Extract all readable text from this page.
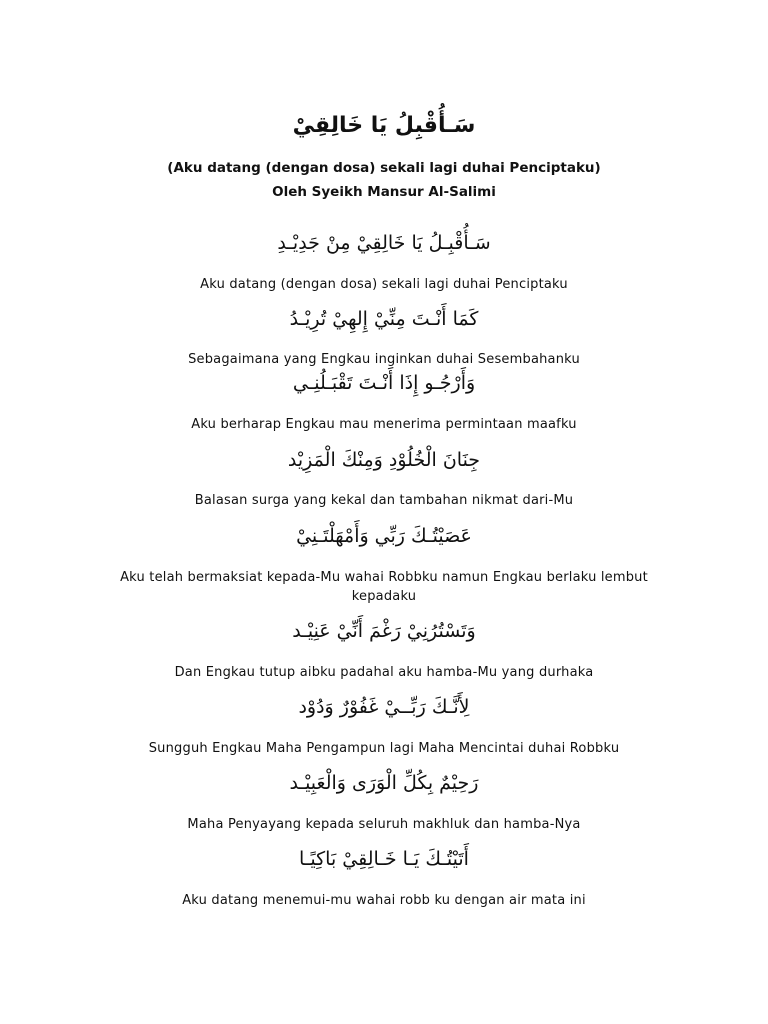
سَـأُقْبِلُ يَا خَالِقِيْ
(Aku datang (dengan dosa) sekali lagi duhai Penciptaku)
Oleh Syeikh Mansur Al-Salimi
سَـأُقْبِـلُ يَا خَالِقِيْ مِنْ جَدِيْـدِ
Aku datang (dengan dosa) sekali lagi duhai Penciptaku
كَمَا أَنْـتَ مِنِّيْ إِلهِيْ تُرِيْـدُ
Sebagaimana yang Engkau inginkan duhai Sesembahanku
وَأَرْجُـو إِذَا أَنْـتَ تَقْبَـلُنِـي
Aku berharap Engkau mau menerima permintaan maafku
جِنَانَ الْخُلُوْدِ وَمِنْكَ الْمَزِيْد
Balasan surga yang kekal dan tambahan nikmat dari-Mu
عَصَيْتُـكَ رَبِّي وَأَمْهَلْتَـنِيْ
Aku telah bermaksiat kepada-Mu wahai Robbku namun Engkau berlaku lembut kepadaku
وَتَسْتُرُنِيْ رَغْمَ أَنِّيْ عَنِيْـد
Dan Engkau tutup aibku padahal aku hamba-Mu yang durhaka
لِأَنَّـكَ رَبِّــيْ غَفُوْرٌ وَدُوْد
Sungguh Engkau Maha Pengampun lagi Maha Mencintai duhai Robbku
رَحِيْمٌ بِكُلِّ الْوَرَى وَالْعَبِيْـد
Maha Penyayang kepada seluruh makhluk dan hamba-Nya
أَتَيْتُـكَ يَـا خَـالِقِيْ بَاكِيًـا
Aku datang menemui-mu wahai robb ku dengan air mata ini
